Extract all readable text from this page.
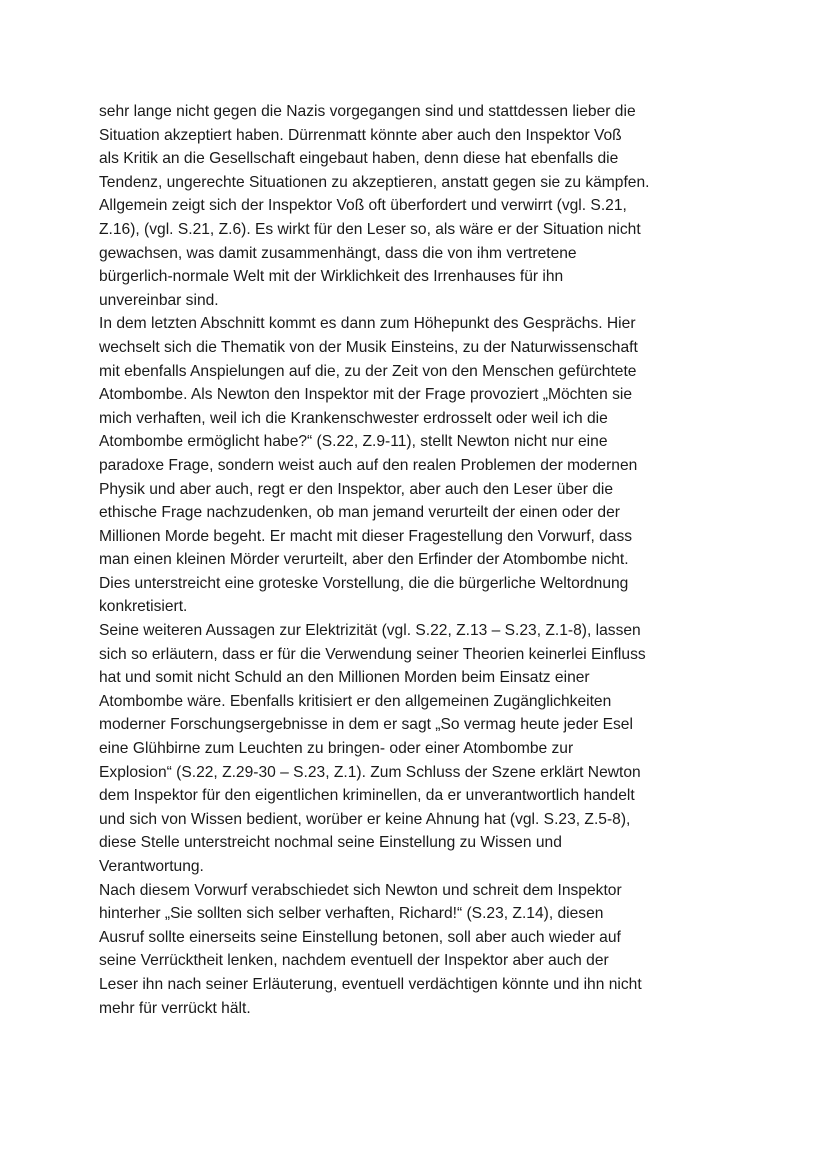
sehr lange nicht gegen die Nazis vorgegangen sind und stattdessen lieber die
Situation akzeptiert haben. Dürrenmatt könnte aber auch den Inspektor Voß
als Kritik an die Gesellschaft eingebaut haben, denn diese hat ebenfalls die
Tendenz, ungerechte Situationen zu akzeptieren, anstatt gegen sie zu kämpfen.
Allgemein zeigt sich der Inspektor Voß oft überfordert und verwirrt (vgl. S.21,
Z.16), (vgl. S.21, Z.6). Es wirkt für den Leser so, als wäre er der Situation nicht
gewachsen, was damit zusammenhängt, dass die von ihm vertretene
bürgerlich-normale Welt mit der Wirklichkeit des Irrenhauses für ihn
unvereinbar sind.
In dem letzten Abschnitt kommt es dann zum Höhepunkt des Gesprächs. Hier
wechselt sich die Thematik von der Musik Einsteins, zu der Naturwissenschaft
mit ebenfalls Anspielungen auf die, zu der Zeit von den Menschen gefürchtete
Atombombe. Als Newton den Inspektor mit der Frage provoziert „Möchten sie
mich verhaften, weil ich die Krankenschwester erdrosselt oder weil ich die
Atombombe ermöglicht habe?“ (S.22, Z.9-11), stellt Newton nicht nur eine
paradoxe Frage, sondern weist auch auf den realen Problemen der modernen
Physik und aber auch, regt er den Inspektor, aber auch den Leser über die
ethische Frage nachzudenken, ob man jemand verurteilt der einen oder der
Millionen Morde begeht. Er macht mit dieser Fragestellung den Vorwurf, dass
man einen kleinen Mörder verurteilt, aber den Erfinder der Atombombe nicht.
Dies unterstreicht eine groteske Vorstellung, die die bürgerliche Weltordnung
konkretisiert.
Seine weiteren Aussagen zur Elektrizität (vgl. S.22, Z.13 – S.23, Z.1-8), lassen
sich so erläutern, dass er für die Verwendung seiner Theorien keinerlei Einfluss
hat und somit nicht Schuld an den Millionen Morden beim Einsatz einer
Atombombe wäre. Ebenfalls kritisiert er den allgemeinen Zugänglichkeiten
moderner Forschungsergebnisse in dem er sagt „So vermag heute jeder Esel
eine Glühbirne zum Leuchten zu bringen- oder einer Atombombe zur
Explosion“ (S.22, Z.29-30 – S.23, Z.1). Zum Schluss der Szene erklärt Newton
dem Inspektor für den eigentlichen kriminellen, da er unverantwortlich handelt
und sich von Wissen bedient, worüber er keine Ahnung hat (vgl. S.23, Z.5-8),
diese Stelle unterstreicht nochmal seine Einstellung zu Wissen und
Verantwortung.
Nach diesem Vorwurf verabschiedet sich Newton und schreit dem Inspektor
hinterher „Sie sollten sich selber verhaften, Richard!“ (S.23, Z.14), diesen
Ausruf sollte einerseits seine Einstellung betonen, soll aber auch wieder auf
seine Verrücktheit lenken, nachdem eventuell der Inspektor aber auch der
Leser ihn nach seiner Erläuterung, eventuell verdächtigen könnte und ihn nicht
mehr für verrückt hält.
